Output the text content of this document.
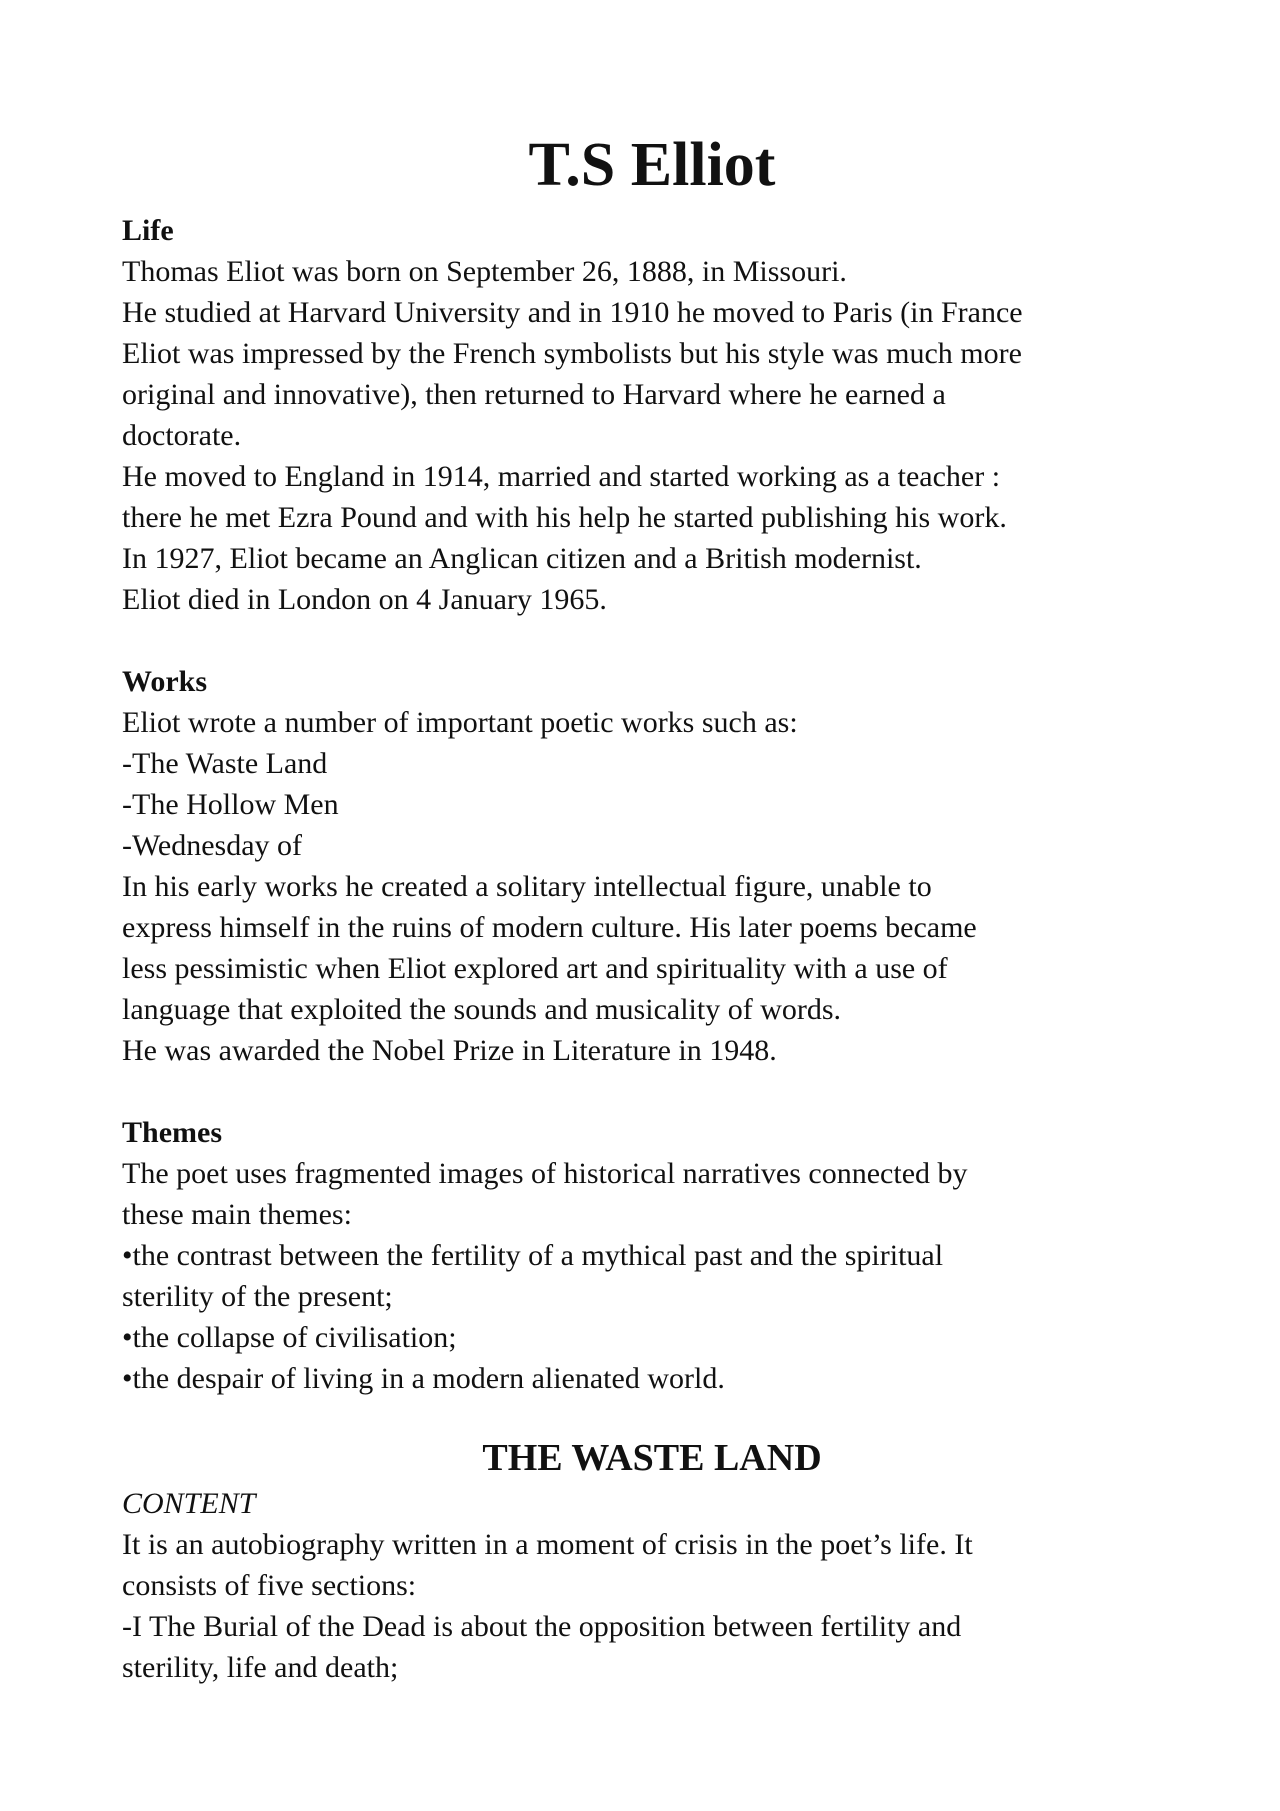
T.S Elliot

Life

Thomas Eliot was born on September 26, 1888, in Missouri.

He studied at Harvard University and in 1910 he moved to Paris (in France

Eliot was impressed by the French symbolists but his style was much more

original and innovative), then returned to Harvard where he earned a

doctorate.

He moved to England in 1914, married and started working as a teacher :

there he met Ezra Pound and with his help he started publishing his work.

In 1927, Eliot became an Anglican citizen and a British modernist.

Eliot died in London on 4 January 1965.

Works

Eliot wrote a number of important poetic works such as:

-The Waste Land

-The Hollow Men

-Wednesday of

In his early works he created a solitary intellectual figure, unable to

express himself in the ruins of modern culture. His later poems became

less pessimistic when Eliot explored art and spirituality with a use of

language that exploited the sounds and musicality of words.

He was awarded the Nobel Prize in Literature in 1948.

Themes

The poet uses fragmented images of historical narratives connected by

these main themes:

•the contrast between the fertility of a mythical past and the spiritual

sterility of the present;

•the collapse of civilisation;

•the despair of living in a modern alienated world.

THE WASTE LAND

CONTENT

It is an autobiography written in a moment of crisis in the poet’s life. It

consists of five sections:

-I The Burial of the Dead is about the opposition between fertility and

sterility, life and death;
